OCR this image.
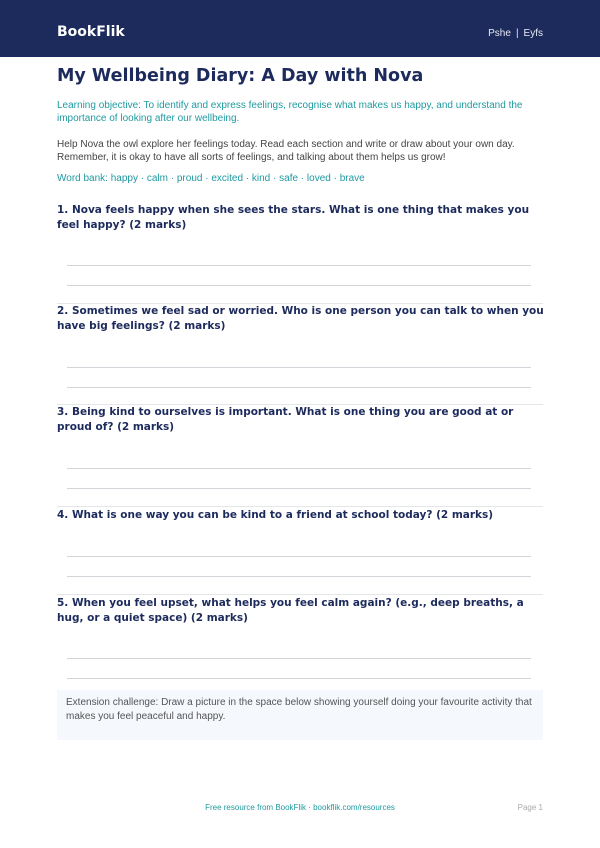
BookFlik	Pshe | Eyfs
My Wellbeing Diary: A Day with Nova
Learning objective: To identify and express feelings, recognise what makes us happy, and understand the importance of looking after our wellbeing.
Help Nova the owl explore her feelings today. Read each section and write or draw about your own day. Remember, it is okay to have all sorts of feelings, and talking about them helps us grow!
Word bank: happy · calm · proud · excited · kind · safe · loved · brave
1. Nova feels happy when she sees the stars. What is one thing that makes you feel happy? (2 marks)
2. Sometimes we feel sad or worried. Who is one person you can talk to when you have big feelings? (2 marks)
3. Being kind to ourselves is important. What is one thing you are good at or proud of? (2 marks)
4. What is one way you can be kind to a friend at school today? (2 marks)
5. When you feel upset, what helps you feel calm again? (e.g., deep breaths, a hug, or a quiet space) (2 marks)
Extension challenge: Draw a picture in the space below showing yourself doing your favourite activity that makes you feel peaceful and happy.
Free resource from BookFlik · bookflik.com/resources	Page 1
